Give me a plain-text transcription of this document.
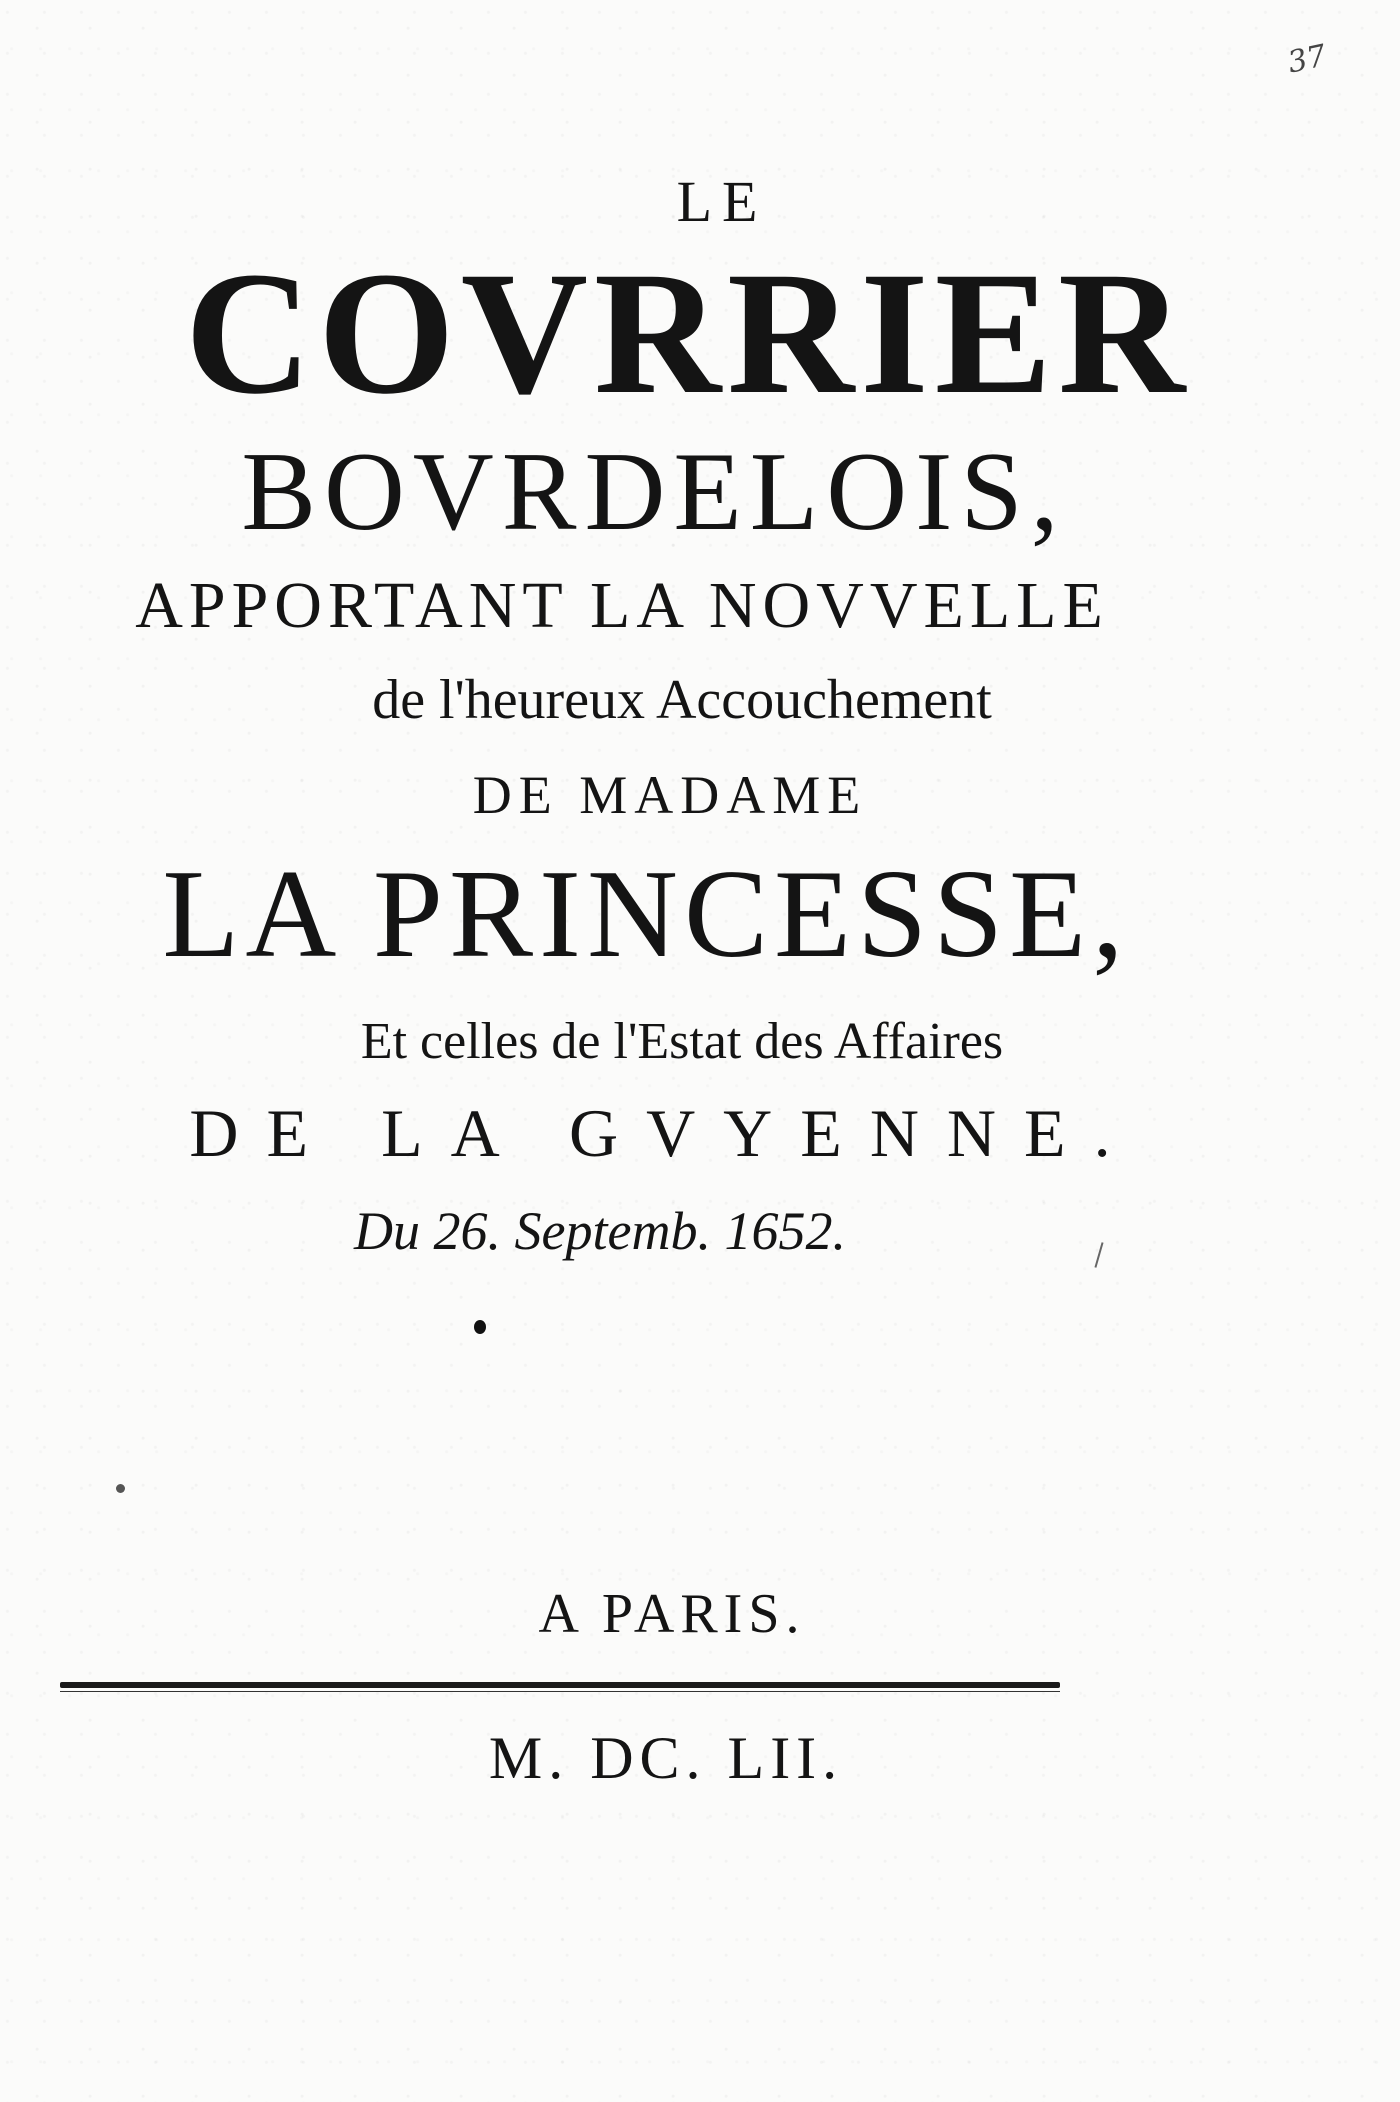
37
LE
COVRRIER
BOVRDELOIS,
APPORTANT LA NOVVELLE
de l'heureux Accouchement
DE MADAME
LA PRINCESSE,
Et celles de l'Estat des Affaires
DE LA GVYENNE.
Du 26. Septemb. 1652.
A PARIS.
M. DC. LII.
